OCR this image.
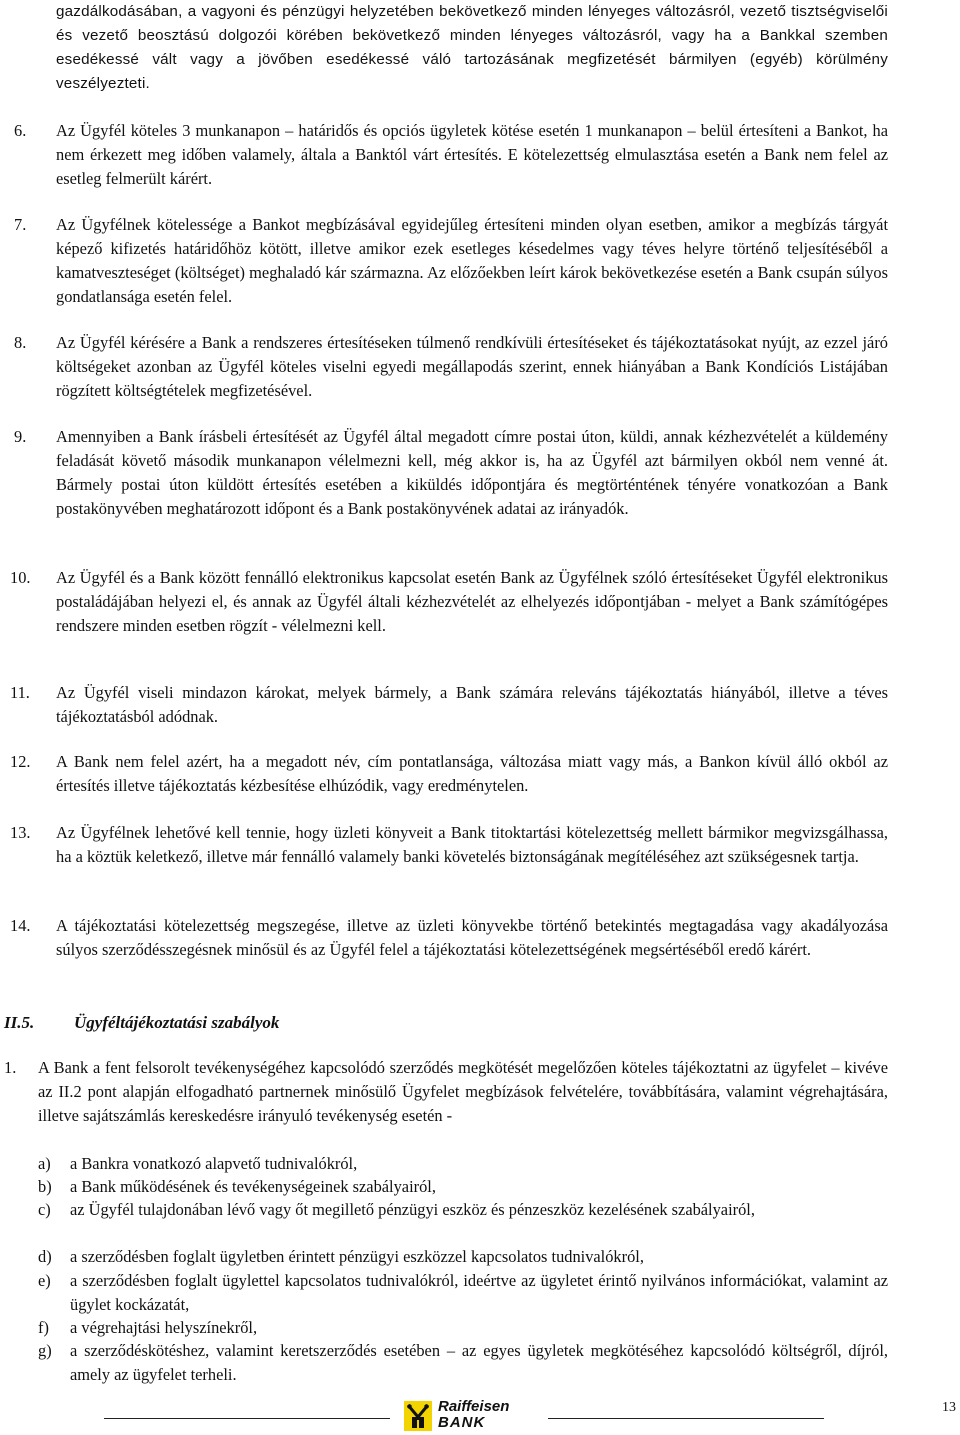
gazdálkodásában, a vagyoni és pénzügyi helyzetében bekövetkező minden lényeges változásról, vezető tisztségviselői és vezető beosztású dolgozói körében bekövetkező minden lényeges változásról, vagy ha a Bankkal szemben esedékessé vált vagy a jövőben esedékessé váló tartozásának megfizetését bármilyen (egyéb) körülmény veszélyezteti.
6. Az Ügyfél köteles 3 munkanapon – határidős és opciós ügyletek kötése esetén 1 munkanapon – belül értesíteni a Bankot, ha nem érkezett meg időben valamely, általa a Banktól várt értesítés. E kötelezettség elmulasztása esetén a Bank nem felel az esetleg felmerült kárért.
7. Az Ügyfélnek kötelessége a Bankot megbízásával egyidejűleg értesíteni minden olyan esetben, amikor a megbízás tárgyát képező kifizetés határidőhöz kötött, illetve amikor ezek esetleges késedelmes vagy téves helyre történő teljesítéséből a kamatveszteséget (költséget) meghaladó kár származna. Az előzőekben leírt károk bekövetkezése esetén a Bank csupán súlyos gondatlansága esetén felel.
8. Az Ügyfél kérésére a Bank a rendszeres értesítéseken túlmenő rendkívüli értesítéseket és tájékoztatásokat nyújt, az ezzel járó költségeket azonban az Ügyfél köteles viselni egyedi megállapodás szerint, ennek hiányában a Bank Kondíciós Listájában rögzített költségtételek megfizetésével.
9. Amennyiben a Bank írásbeli értesítését az Ügyfél által megadott címre postai úton, küldi, annak kézhezvételét a küldemény feladását követő második munkanapon vélelmezni kell, még akkor is, ha az Ügyfél azt bármilyen okból nem venné át. Bármely postai úton küldött értesítés esetében a kiküldés időpontjára és megtörténtének tényére vonatkozóan a Bank postakönyvében meghatározott időpont és a Bank postakönyvének adatai az irányadók.
10. Az Ügyfél és a Bank között fennálló elektronikus kapcsolat esetén Bank az Ügyfélnek szóló értesítéseket Ügyfél elektronikus postaládájában helyezi el, és annak az Ügyfél általi kézhezvételét az elhelyezés időpontjában - melyet a Bank számítógépes rendszere minden esetben rögzít - vélelmezni kell.
11. Az Ügyfél viseli mindazon károkat, melyek bármely, a Bank számára releváns tájékoztatás hiányából, illetve a téves tájékoztatásból adódnak.
12. A Bank nem felel azért, ha a megadott név, cím pontatlansága, változása miatt vagy más, a Bankon kívül álló okból az értesítés illetve tájékoztatás kézbesítése elhúzódik, vagy eredménytelen.
13. Az Ügyfélnek lehetővé kell tennie, hogy üzleti könyveit a Bank titoktartási kötelezettség mellett bármikor megvizsgálhassa, ha a köztük keletkező, illetve már fennálló valamely banki követelés biztonságának megítéléséhez azt szükségesnek tartja.
14. A tájékoztatási kötelezettség megszegése, illetve az üzleti könyvekbe történő betekintés megtagadása vagy akadályozása súlyos szerződésszegésnek minősül és az Ügyfél felel a tájékoztatási kötelezettségének megsértéséből eredő kárért.
II.5. Ügyféltájékoztatási szabályok
1. A Bank a fent felsorolt tevékenységéhez kapcsolódó szerződés megkötését megelőzően köteles tájékoztatni az ügyfelet – kivéve az II.2 pont alapján elfogadható partnernek minősülő Ügyfelet megbízások felvételére, továbbítására, valamint végrehajtására, illetve sajátszámlás kereskedésre irányuló tevékenység esetén -
a) a Bankra vonatkozó alapvető tudnivalókról,
b) a Bank működésének és tevékenységeinek szabályairól,
c) az Ügyfél tulajdonában lévő vagy őt megillető pénzügyi eszköz és pénzeszköz kezelésének szabályairól,
d) a szerződésben foglalt ügyletben érintett pénzügyi eszközzel kapcsolatos tudnivalókról,
e) a szerződésben foglalt ügylettel kapcsolatos tudnivalókról, ideértve az ügyletet érintő nyilvános információkat, valamint az ügylet kockázatát,
f) a végrehajtási helyszínekről,
g) a szerződéskötéshez, valamint keretszerződés esetében – az egyes ügyletek megkötéséhez kapcsolódó költségről, díjról, amely az ügyfelet terheli.
Raiffeisen
BANK
13
